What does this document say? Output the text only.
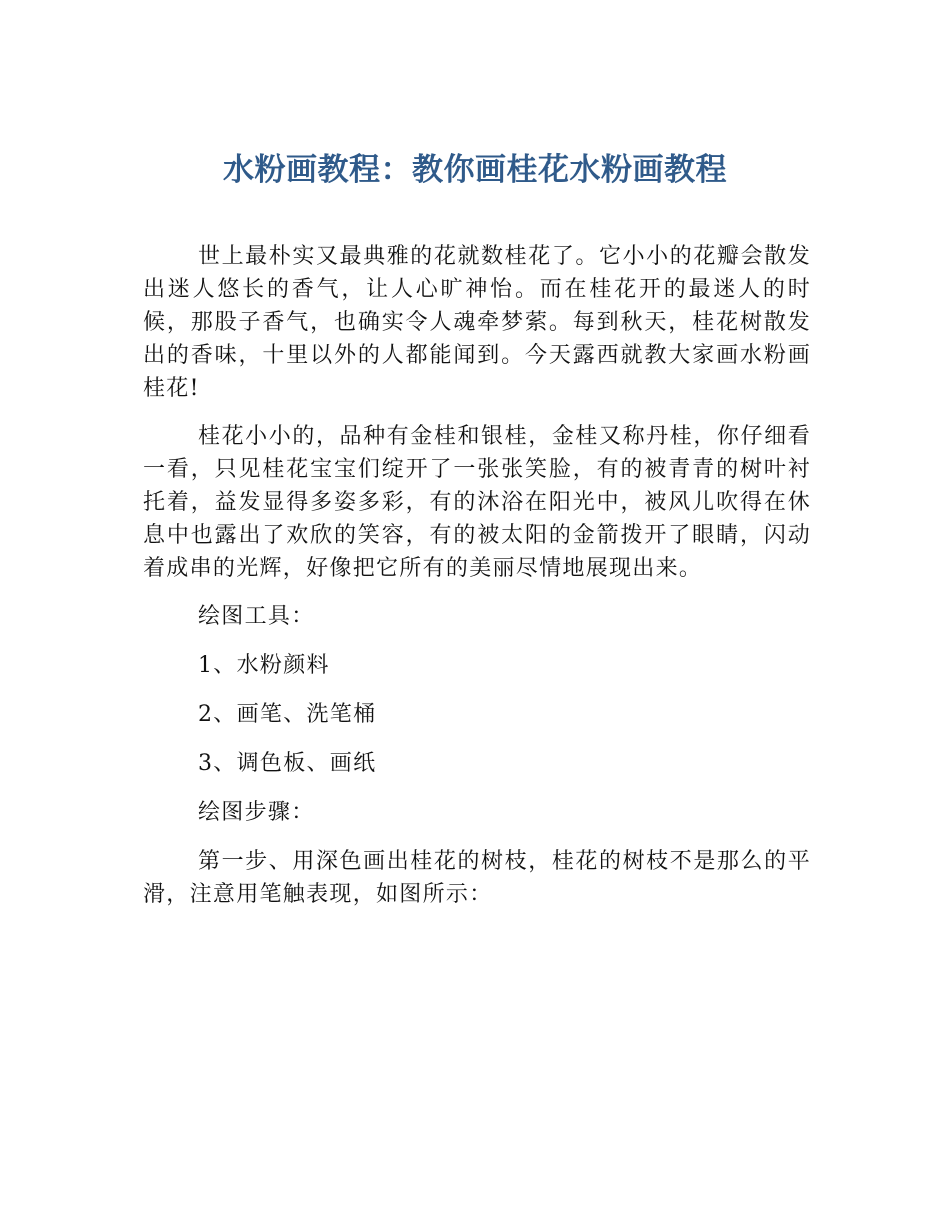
水粉画教程：教你画桂花水粉画教程

世上最朴实又最典雅的花就数桂花了。它小小的花瓣会散发出迷人悠长的香气，让人心旷神怡。而在桂花开的最迷人的时候，那股子香气，也确实令人魂牵梦萦。每到秋天，桂花树散发出的香味，十里以外的人都能闻到。今天露西就教大家画水粉画桂花!

桂花小小的，品种有金桂和银桂，金桂又称丹桂，你仔细看一看，只见桂花宝宝们绽开了一张张笑脸，有的被青青的树叶衬托着，益发显得多姿多彩，有的沐浴在阳光中，被风儿吹得在休息中也露出了欢欣的笑容，有的被太阳的金箭拨开了眼睛，闪动着成串的光辉，好像把它所有的美丽尽情地展现出来。

绘图工具：

1、水粉颜料

2、画笔、洗笔桶

3、调色板、画纸

绘图步骤：

第一步、用深色画出桂花的树枝，桂花的树枝不是那么的平滑，注意用笔触表现，如图所示：
